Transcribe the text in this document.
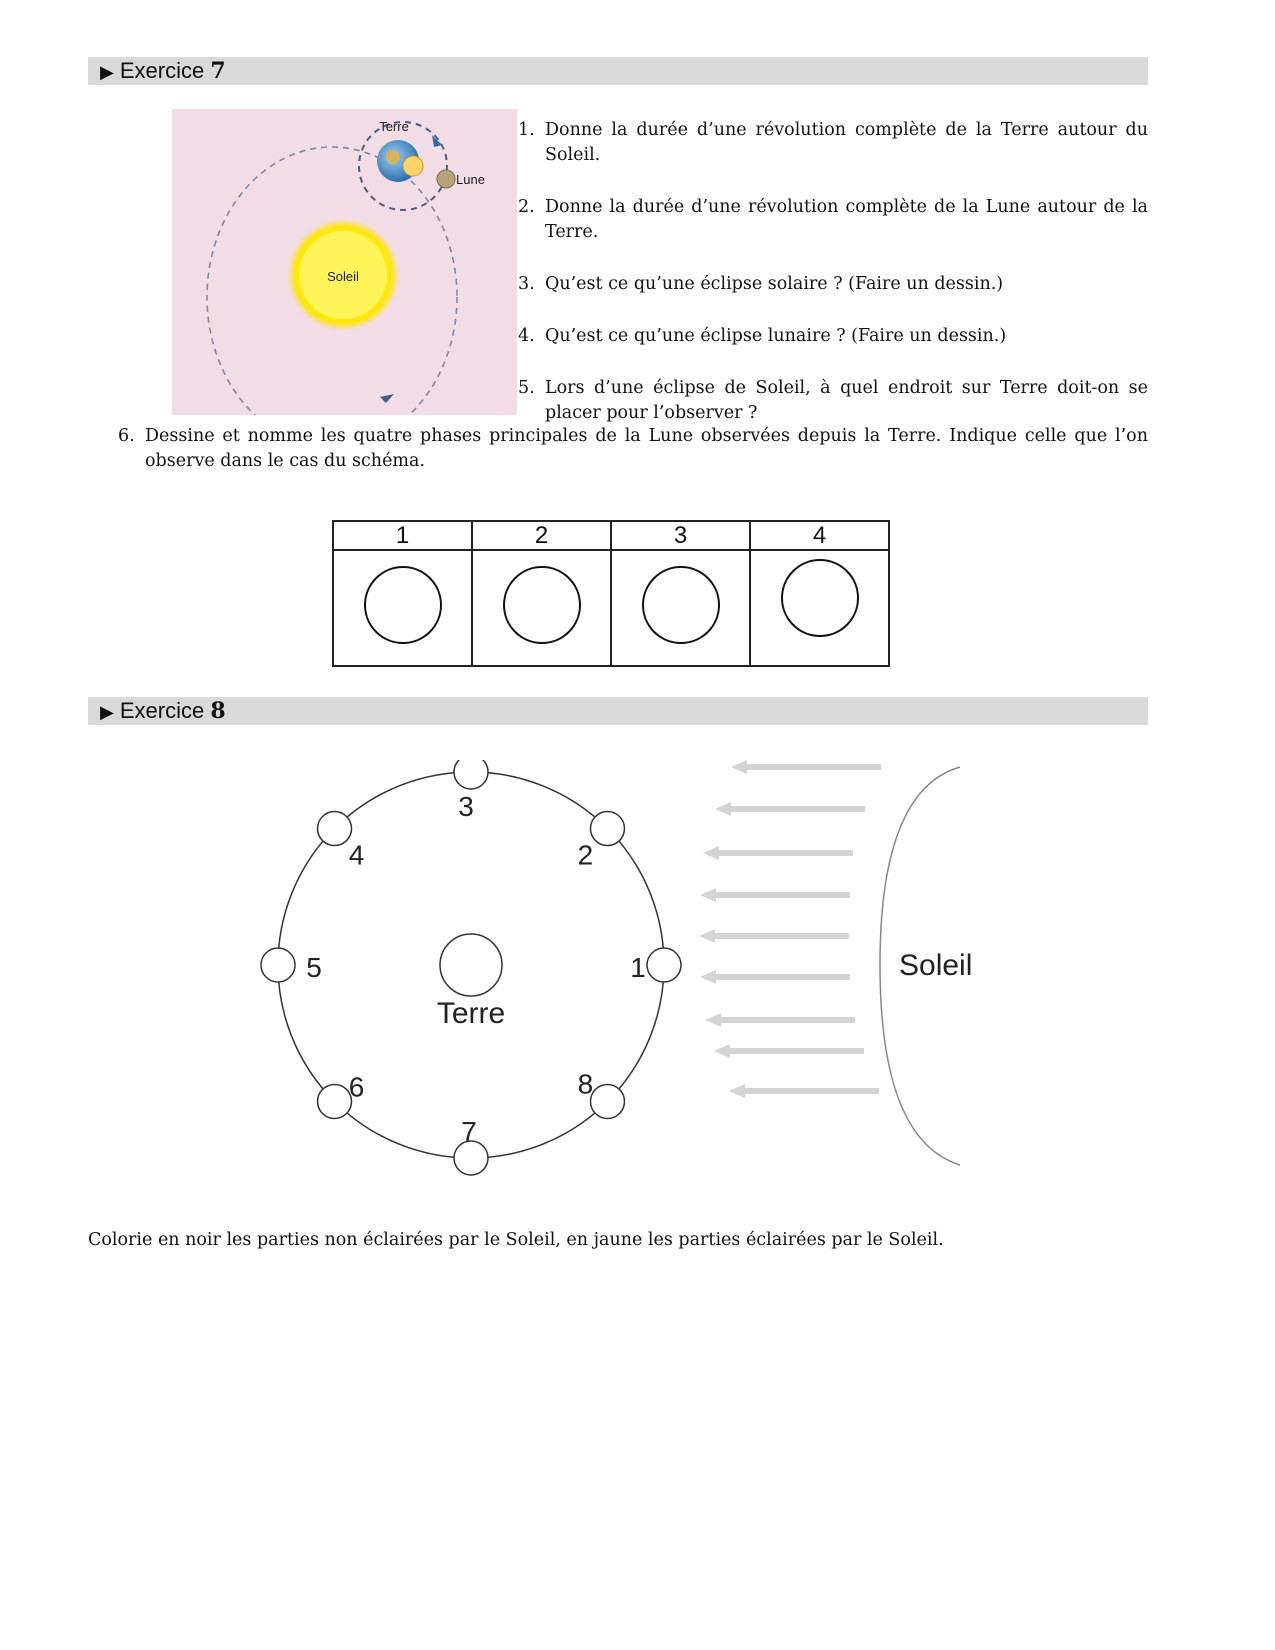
▶ Exercice 7
Soleil
Terre
Lune
1. Donne la durée d’une révolution complète de la Terre autour du Soleil.
2. Donne la durée d’une révolution complète de la Lune autour de la Terre.
3. Qu’est ce qu’une éclipse solaire ? (Faire un dessin.)
4. Qu’est ce qu’une éclipse lunaire ? (Faire un dessin.)
5. Lors d’une éclipse de Soleil, à quel endroit sur Terre doit-on se placer pour l’observer ?
6. Dessine et nomme les quatre phases principales de la Lune observées depuis la Terre. Indique celle que l’on observe dans le cas du schéma.
1	2	3	4

▶ Exercice 8
Terre
1
2
3
4
5
6
7
8
Soleil
Colorie en noir les parties non éclairées par le Soleil, en jaune les parties éclairées par le Soleil.
